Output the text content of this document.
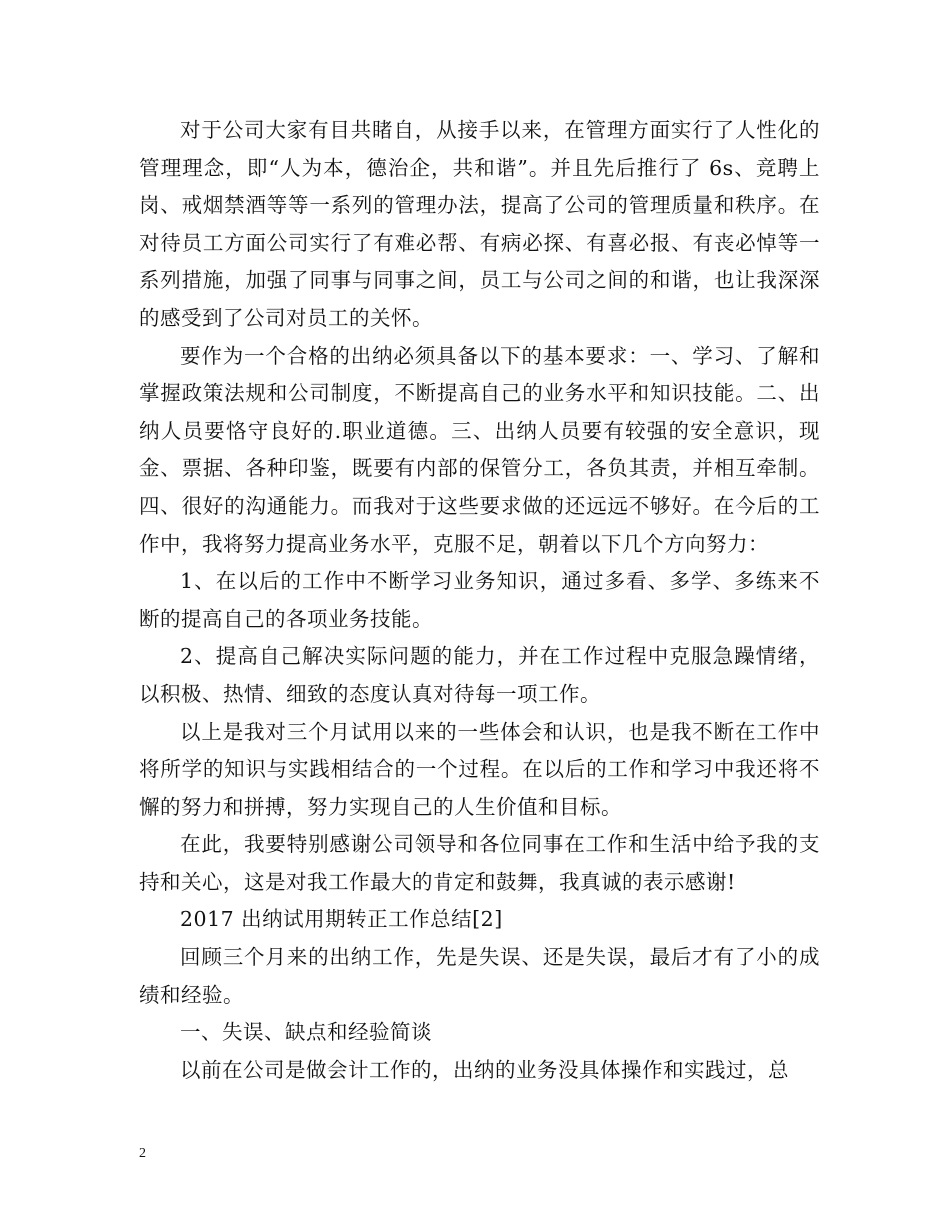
对于公司大家有目共睹自，从接手以来，在管理方面实行了人性化的管理理念，即“人为本，德治企，共和谐”。并且先后推行了 6s、竞聘上岗、戒烟禁酒等等一系列的管理办法，提高了公司的管理质量和秩序。在对待员工方面公司实行了有难必帮、有病必探、有喜必报、有丧必悼等一系列措施，加强了同事与同事之间，员工与公司之间的和谐，也让我深深的感受到了公司对员工的关怀。

要作为一个合格的出纳必须具备以下的基本要求：一、学习、了解和掌握政策法规和公司制度，不断提高自己的业务水平和知识技能。二、出纳人员要恪守良好的.职业道德。三、出纳人员要有较强的安全意识，现金、票据、各种印鉴，既要有内部的保管分工，各负其责，并相互牵制。四、很好的沟通能力。而我对于这些要求做的还远远不够好。在今后的工作中，我将努力提高业务水平，克服不足，朝着以下几个方向努力：

1、在以后的工作中不断学习业务知识，通过多看、多学、多练来不断的提高自己的各项业务技能。

2、提高自己解决实际问题的能力，并在工作过程中克服急躁情绪，以积极、热情、细致的态度认真对待每一项工作。

以上是我对三个月试用以来的一些体会和认识，也是我不断在工作中将所学的知识与实践相结合的一个过程。在以后的工作和学习中我还将不懈的努力和拼搏，努力实现自己的人生价值和目标。

在此，我要特别感谢公司领导和各位同事在工作和生活中给予我的支持和关心，这是对我工作最大的肯定和鼓舞，我真诚的表示感谢!

2017 出纳试用期转正工作总结[2]

回顾三个月来的出纳工作，先是失误、还是失误，最后才有了小的成绩和经验。

一、失误、缺点和经验简谈

以前在公司是做会计工作的，出纳的业务没具体操作和实践过，总

2
